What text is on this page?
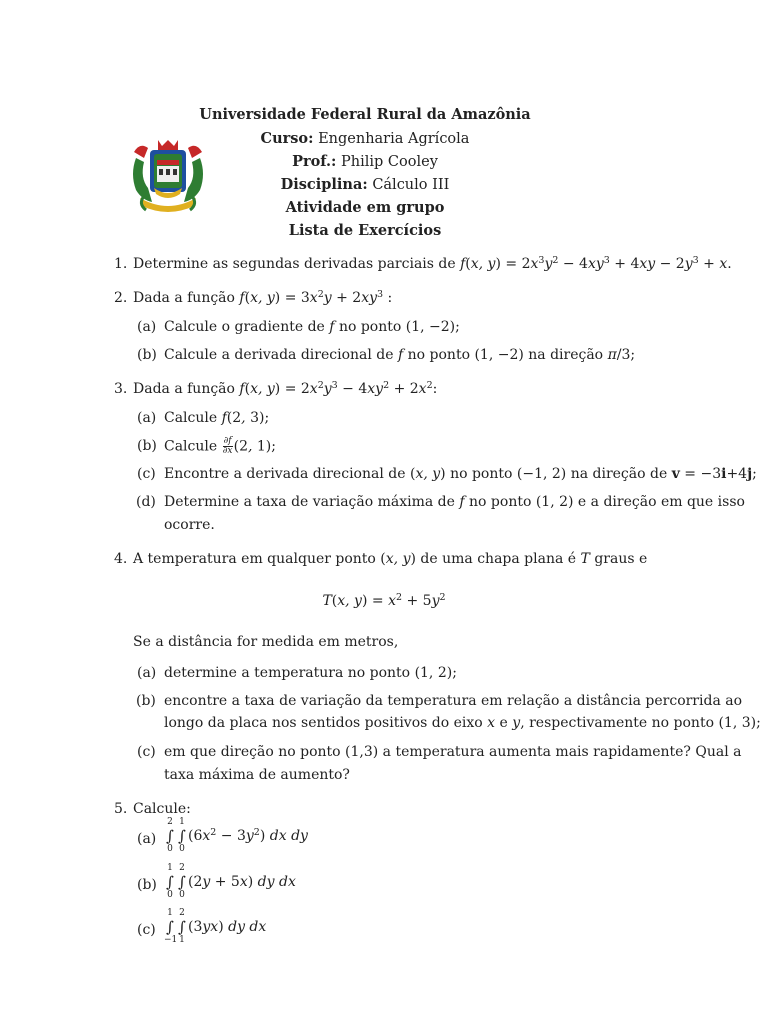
Universidade Federal Rural da Amazônia
Curso: Engenharia Agrícola
Prof.: Philip Cooley
Disciplina: Cálculo III
Atividade em grupo
Lista de Exercícios
1. Determine as segundas derivadas parciais de f(x, $y) = 2x^3y^2 - 4xy^3 + 4xy - 2y^3 + x$.
2. Dada a função f(x, $y) = 3x^2y + 2xy^3$ :
(a) Calcule o gradiente de f no ponto (1, −2);
(b) Calcule a derivada direcional de f no ponto (1, −2) na direção π/3;
3. Dada a função f(x, $y) = 2x^2y^3 - 4xy^2 + 2x^2$:
(a) Calcule f(2, 3);
(b) Calcule $\frac{\partial f}{\partial x} (2$, 1);
(c) Encontre a derivada direcional de (x, y) no ponto (−1, 2) na direção de v = −3i+4j;
(d) Determine a taxa de variação máxima de f no ponto (1, 2) e a direção em que isso
ocorre.
4. A temperatura em qualquer ponto (x, y) de uma chapa plana é T graus e
T(x, $y) = x^2 + 5y^2$
Se a distância for medida em metros,
(a) determine a temperatura no ponto (1, 2);
(b) encontre a taxa de variação da temperatura em relação a distância percorrida ao
longo da placa nos sentidos positivos do eixo x e y, respectivamente no ponto (1, 3);
(c) em que direção no ponto (1,3) a temperatura aumenta mais rapidamente? Qual a
taxa máxima de aumento?
5. Calcule:
(a)
2
∫
0
1
∫
0
$(6x^2 - 3y^2)$ dx dy
(b)
1
∫
0
2
∫
0
(2y + 5x) dy dx
(c)
1
∫
−1
2
∫
1
(3yx) dy dx
